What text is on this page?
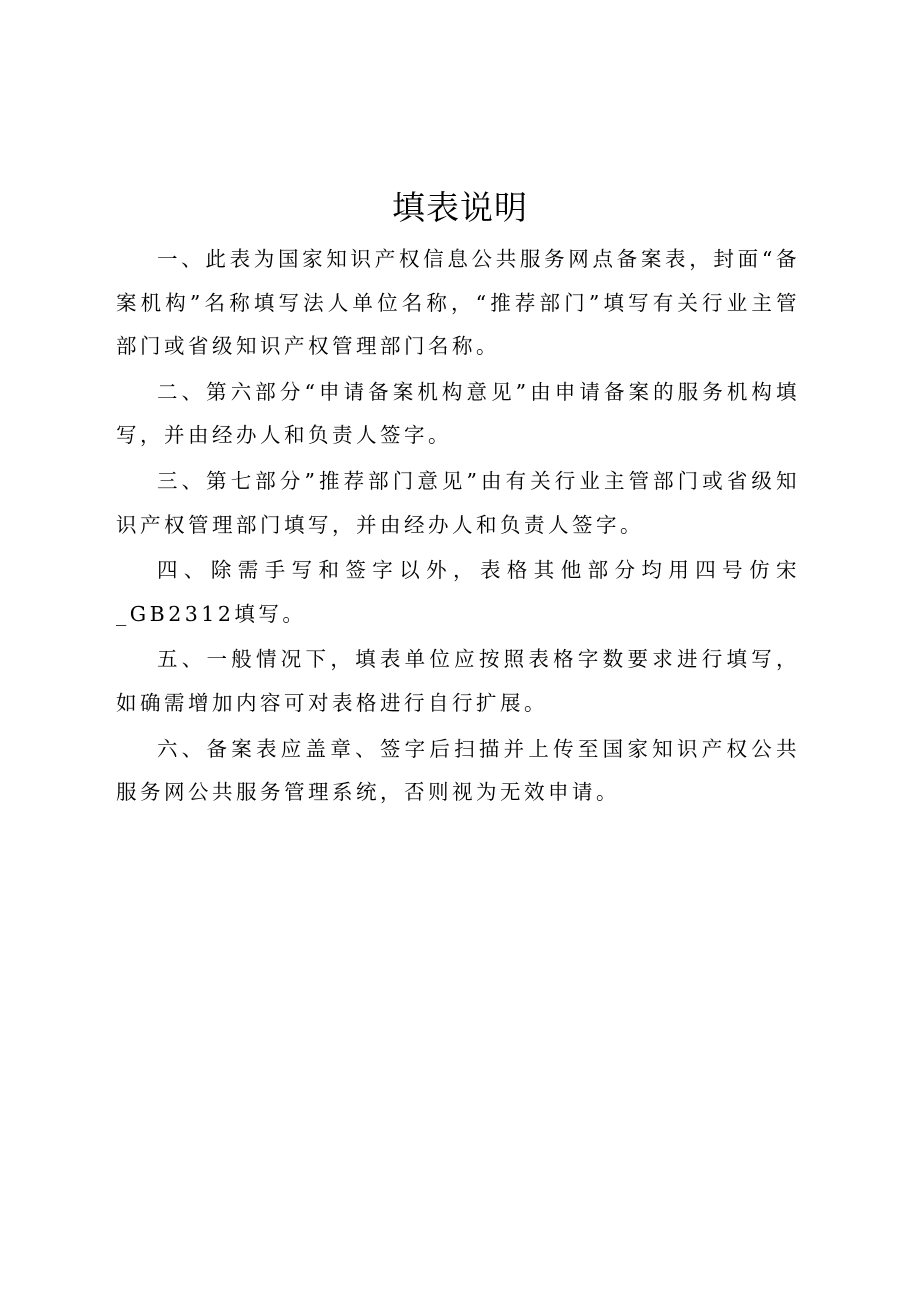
填表说明

一、此表为国家知识产权信息公共服务网点备案表，封面“备案机构”名称填写法人单位名称，“推荐部门”填写有关行业主管部门或省级知识产权管理部门名称。

二、第六部分“申请备案机构意见”由申请备案的服务机构填写，并由经办人和负责人签字。

三、第七部分”推荐部门意见”由有关行业主管部门或省级知识产权管理部门填写，并由经办人和负责人签字。

四、除需手写和签字以外，表格其他部分均用四号仿宋_GB2312填写。

五、一般情况下，填表单位应按照表格字数要求进行填写，如确需增加内容可对表格进行自行扩展。

六、备案表应盖章、签字后扫描并上传至国家知识产权公共服务网公共服务管理系统，否则视为无效申请。
